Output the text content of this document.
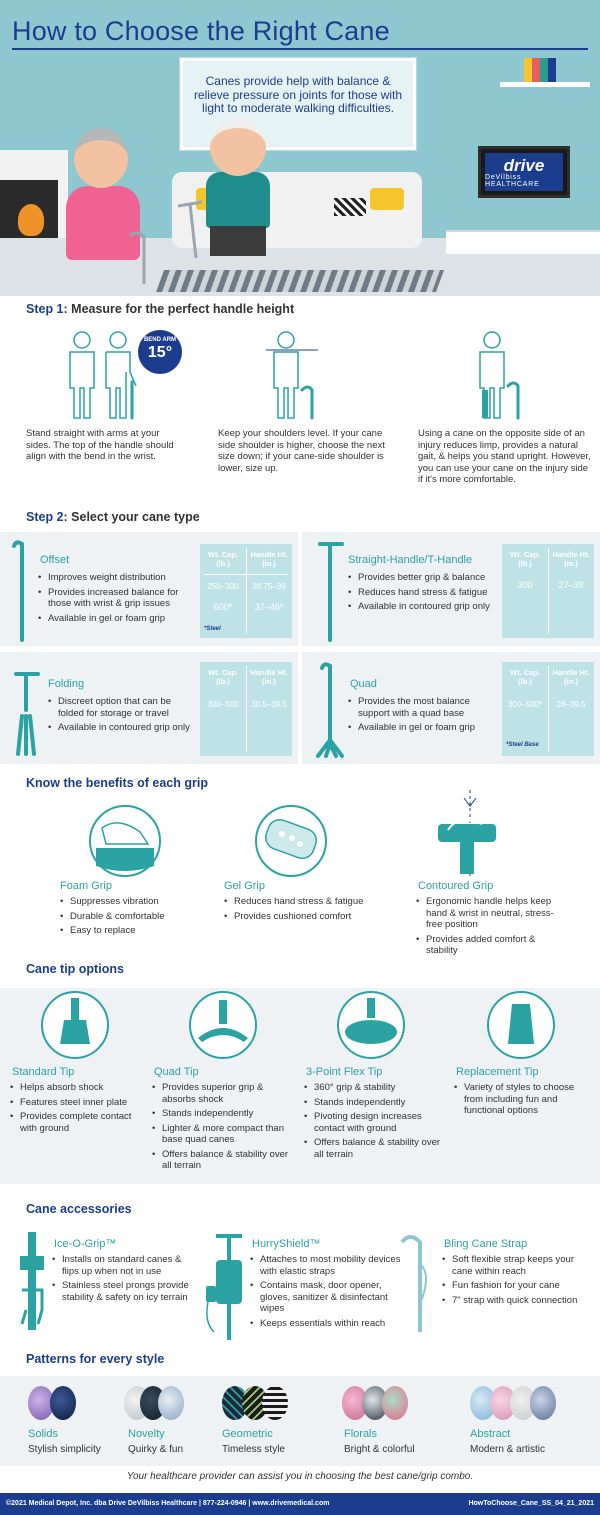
How to Choose the Right Cane

Canes provide help with balance & relieve pressure on joints for those with light to moderate walking difficulties.

drive
DeVilbiss HEALTHCARE
Step 1: Measure for the perfect handle height
BEND ARM
15°
Stand straight with arms at your sides. The top of the handle should align with the bend in the wrist.
Keep your shoulders level. If your cane side shoulder is higher, choose the next size down; if your cane-side shoulder is lower, size up.
Using a cane on the opposite side of an injury reduces limp, provides a natural gait, & helps you stand upright. However, you can use your cane on the injury side if it's more comfortable.
Step 2: Select your cane type
Offset
• Improves weight distribution
• Provides increased balance for those with wrist & grip issues
• Available in gel or foam grip
Wt. Cap.(lb.)
Handle Ht.(in.)
250–300	28.75–39
600*	37–46*
*Steel
Straight-Handle/T-Handle
• Provides better grip & balance
• Reduces hand stress & fatigue
• Available in contoured grip only
Wt. Cap.(lb.)
Handle Ht.(in.)
300	27–39
Folding
• Discreet option that can be folded for storage or travel
• Available in contoured grip only
Wt. Cap.(lb.)
Handle Ht.(in.)
300–500	30.5–39.5
Quad
• Provides the most balance support with a quad base
• Available in gel or foam grip
Wt. Cap.(lb.)
Handle Ht.(in.)
300–500*	28–39.5
*Steel Base
Know the benefits of each grip
Foam Grip
• Suppresses vibration
• Durable & comfortable
• Easy to replace
Gel Grip
• Reduces hand stress & fatigue
• Provides cushioned comfort
Contoured Grip
• Ergonomic handle helps keep hand & wrist in neutral, stress-free position
• Provides added comfort & stability
Cane tip options
Standard Tip
• Helps absorb shock
• Features steel inner plate
• Provides complete contact with ground
Quad Tip
• Provides superior grip & absorbs shock
• Stands independently
• Lighter & more compact than base quad canes
• Offers balance & stability over all terrain
3-Point Flex Tip
• 360° grip & stability
• Stands independently
• Pivoting design increases contact with ground
• Offers balance & stability over all terrain
Replacement Tip
• Variety of styles to choose from including fun and functional options
Cane accessories
Ice-O-Grip™
• Installs on standard canes & flips up when not in use
• Stainless steel prongs provide stability & safety on icy terrain
HurryShield™
• Attaches to most mobility devices with elastic straps
• Contains mask, door opener, gloves, sanitizer & disinfectant wipes
• Keeps essentials within reach
Bling Cane Strap
• Soft flexible strap keeps your cane within reach
• Fun fashion for your cane
• 7" strap with quick connection
Patterns for every style
Solids
Stylish simplicity
Novelty
Quirky & fun
Geometric
Timeless style
Florals
Bright & colorful
Abstract
Modern & artistic
Your healthcare provider can assist you in choosing the best cane/grip combo.
©2021 Medical Depot, Inc. dba Drive DeVilbiss Healthcare | 877-224-0946 | www.drivemedical.com	HowToChoose_Cane_SS_04_21_2021
